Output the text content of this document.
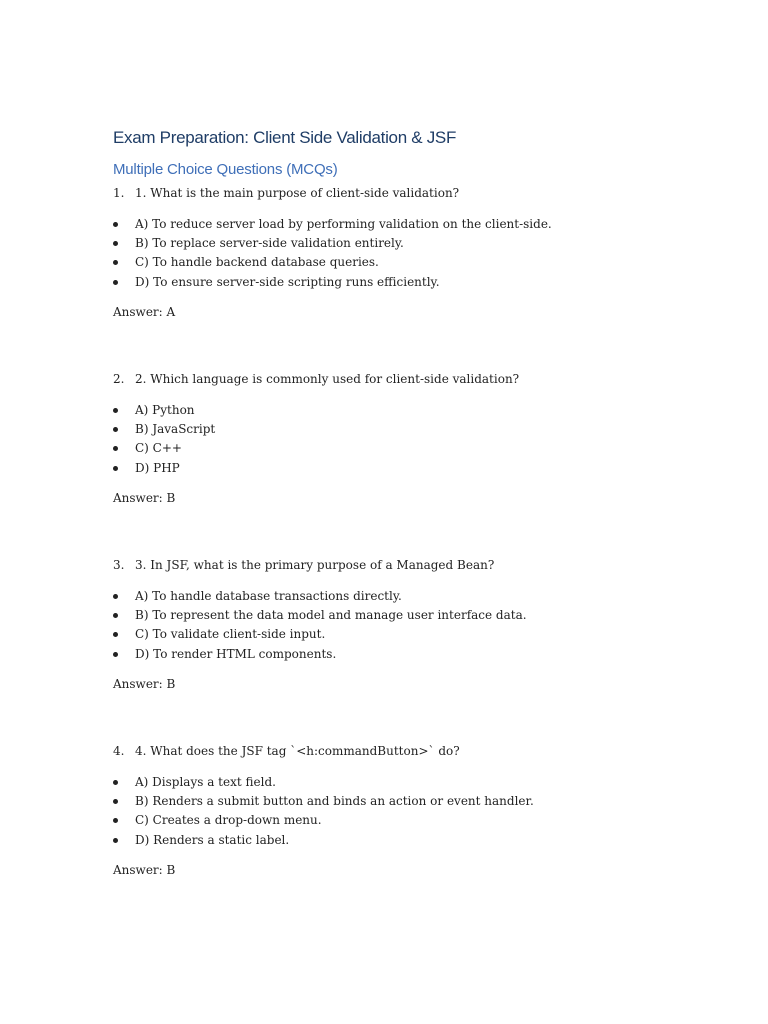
Exam Preparation: Client Side Validation & JSF
Multiple Choice Questions (MCQs)
1. 1. What is the main purpose of client-side validation?
A) To reduce server load by performing validation on the client-side.
B) To replace server-side validation entirely.
C) To handle backend database queries.
D) To ensure server-side scripting runs efficiently.
Answer: A
2. 2. Which language is commonly used for client-side validation?
A) Python
B) JavaScript
C) C++
D) PHP
Answer: B
3. 3. In JSF, what is the primary purpose of a Managed Bean?
A) To handle database transactions directly.
B) To represent the data model and manage user interface data.
C) To validate client-side input.
D) To render HTML components.
Answer: B
4. 4. What does the JSF tag `<h:commandButton>` do?
A) Displays a text field.
B) Renders a submit button and binds an action or event handler.
C) Creates a drop-down menu.
D) Renders a static label.
Answer: B
